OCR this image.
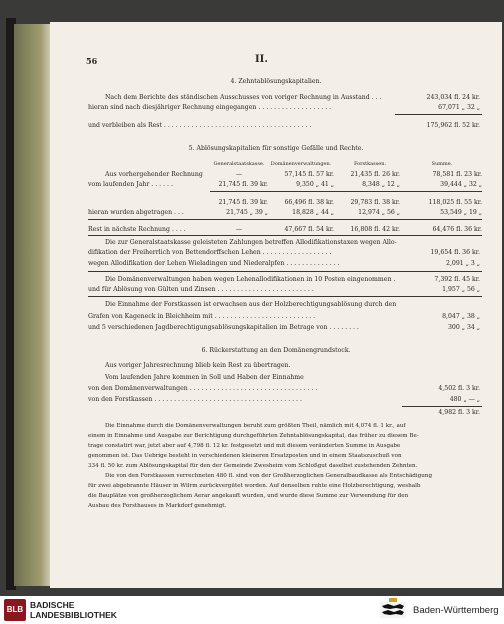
56	II.
4. Zehntablösungskapitalien.
Nach dem Berichte des ständischen Ausschusses von voriger Rechnung in Ausstand . . .	243,034 fl. 24 kr.
hieran sind nach diesjähriger Rechnung eingegangen . . . . . . . . . . . . . . . . . . .	67,071 „ 32 „
und verbleiben als Rest . . . . . . . . . . . . . . . . . . . . . . . . . . . . . . . . . . . . . .	175,962 fl. 52 kr.
5. Ablösungskapitalien für sonstige Gefälle und Rechte.
Generalstaatskasse.	Domänenverwaltungen.	Forstkassen.	Summe.
Aus vorhergehender Rechnung	—	57,145 fl. 57 kr.	21,435 fl. 26 kr.	78,581 fl. 23 kr.
vom laufenden Jahr . . . . . .	21,745 fl. 39 kr.	9,350 „ 41 „	8,348 „ 12 „	39,444 „ 32 „
21,745 fl. 39 kr.	66,496 fl. 38 kr.	29,783 fl. 38 kr.	118,025 fl. 55 kr.
hieran wurden abgetragen . . .	21,745 „ 39 „	18,828 „ 44 „	12,974 „ 56 „	53,549 „ 19 „
Rest in nächste Rechnung . . . .	—	47,667 fl. 54 kr.	16,808 fl. 42 kr.	64,476 fl. 36 kr.
Die zur Generalstaatskasse geleisteten Zahlungen betreffen Allodifikationstaxen wegen Allo-
difikation der Freiherrlich von Bettendorffschen Lehen . . . . . . . . . . . . . . . . . .	19,654 fl. 36 kr.
wegen Allodifikation der Lehen Wieladingen und Niederalpfen . . . . . . . . . . . . . .	2,091 „ 3 „
Die Domänenverwaltungen haben wegen Lehenallodifikationen in 10 Posten eingenommen .	7,392 fl. 45 kr.
und für Ablösung von Gülten und Zinsen . . . . . . . . . . . . . . . . . . . . . . . . .	1,957 „ 56 „
Die Einnahme der Forstkassen ist erwachsen aus der Holzberechtigungsablösung durch den
Grafen von Kageneck in Bleichheim mit . . . . . . . . . . . . . . . . . . . . . . . . . .	8,047 „ 38 „
und 5 verschiedenen Jagdberechtigungsablösungskapitalien im Betrage von . . . . . . . .	300 „ 34 „
6. Rückerstattung an den Domänengrundstock.
Aus voriger Jahresrechnung blieb kein Rest zu übertragen.
Vom laufenden Jahre kommen in Soll und Haben der Einnahme
von den Domänenverwaltungen . . . . . . . . . . . . . . . . . . . . . . . . . . . . . . . . .	4,502 fl. 3 kr.
von den Forstkassen . . . . . . . . . . . . . . . . . . . . . . . . . . . . . . . . . . . . . .	480 „ — „
4,982 fl. 3 kr.
Die Einnahme durch die Domänenverwaltungen beruht zum größten Theil, nämlich mit 4,074 fl. 1 kr., auf
einem in Einnahme und Ausgabe zur Berichtigung durchgeführten Zehntablösungskapital, das früher zu diesem Be-
trage constatirt war, jetzt aber auf 4,798 fl. 12 kr. festgesetzt und mit diesem veränderten Summe in Ausgabe
genommen ist. Das Uebrige besteht in verschiedenen kleineren Ersatzposten und in einem Staatszuschuß von
334 fl. 50 kr. zum Ablösungskapital für den der Gemeinde Zwesheim vom Schloßgut daselbst zustehenden Zehnten.
Die von den Forstkassen verrechneten 480 fl. sind von der Großherzoglichen Generalbaudkasse als Entschädigung
für zwei abgebrannte Häuser in Wilrm zurückvergütet worden. Auf denselben ruhte eine Holzberechtigung, weshalb
die Bauplätze von großherzoglichem Aerar angekauft wurden, und wurde diese Summe zur Verwendung für den
Ausbau des Forsthauses in Markdorf genehmigt.
BLB BADISCHE
LANDESBIBLIOTHEK	Baden-Württemberg
